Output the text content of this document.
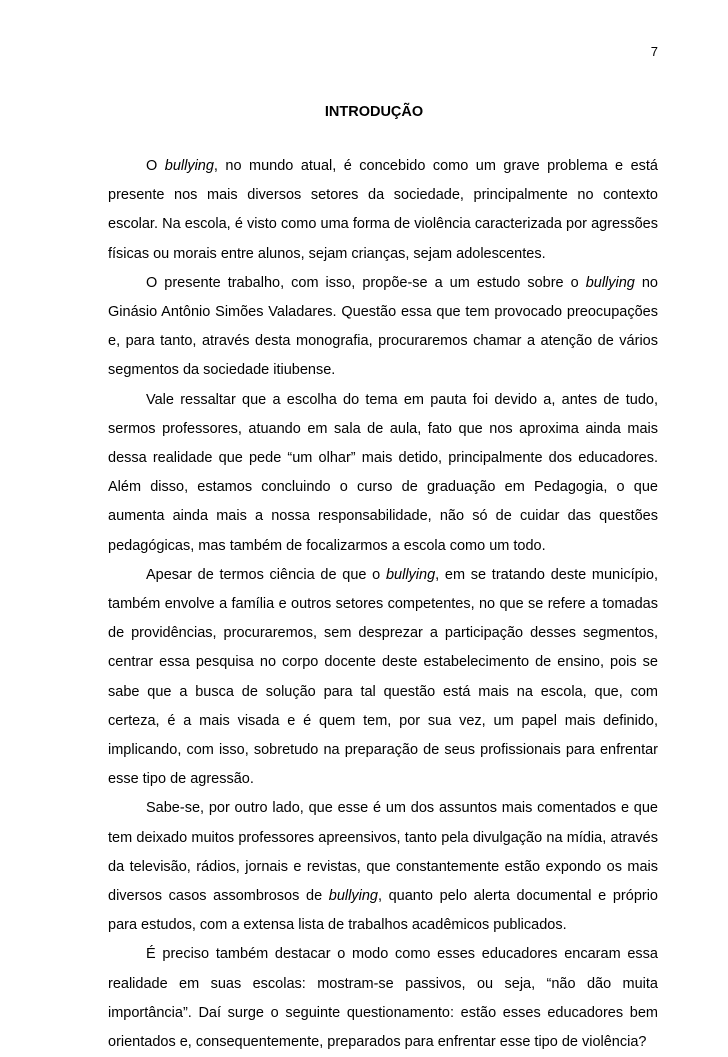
7
INTRODUÇÃO

O bullying, no mundo atual, é concebido como um grave problema e está presente nos mais diversos setores da sociedade, principalmente no contexto escolar. Na escola, é visto como uma forma de violência caracterizada por agressões físicas ou morais entre alunos, sejam crianças, sejam adolescentes.

O presente trabalho, com isso, propõe-se a um estudo sobre o bullying no Ginásio Antônio Simões Valadares. Questão essa que tem provocado preocupações e, para tanto, através desta monografia, procuraremos chamar a atenção de vários segmentos da sociedade itiubense.

Vale ressaltar que a escolha do tema em pauta foi devido a, antes de tudo, sermos professores, atuando em sala de aula, fato que nos aproxima ainda mais dessa realidade que pede “um olhar” mais detido, principalmente dos educadores. Além disso, estamos concluindo o curso de graduação em Pedagogia, o que aumenta ainda mais a nossa responsabilidade, não só de cuidar das questões pedagógicas, mas também de focalizarmos a escola como um todo.

Apesar de termos ciência de que o bullying, em se tratando deste município, também envolve a família e outros setores competentes, no que se refere a tomadas de providências, procuraremos, sem desprezar a participação desses segmentos, centrar essa pesquisa no corpo docente deste estabelecimento de ensino, pois se sabe que a busca de solução para tal questão está mais na escola, que, com certeza, é a mais visada e é quem tem, por sua vez, um papel mais definido, implicando, com isso, sobretudo na preparação de seus profissionais para enfrentar esse tipo de agressão.

Sabe-se, por outro lado, que esse é um dos assuntos mais comentados e que tem deixado muitos professores apreensivos, tanto pela divulgação na mídia, através da televisão, rádios, jornais e revistas, que constantemente estão expondo os mais diversos casos assombrosos de bullying, quanto pelo alerta documental e próprio para estudos, com a extensa lista de trabalhos acadêmicos publicados.

É preciso também destacar o modo como esses educadores encaram essa realidade em suas escolas: mostram-se passivos, ou seja, “não dão muita importância”. Daí surge o seguinte questionamento: estão esses educadores bem orientados e, consequentemente, preparados para enfrentar esse tipo de violência?
